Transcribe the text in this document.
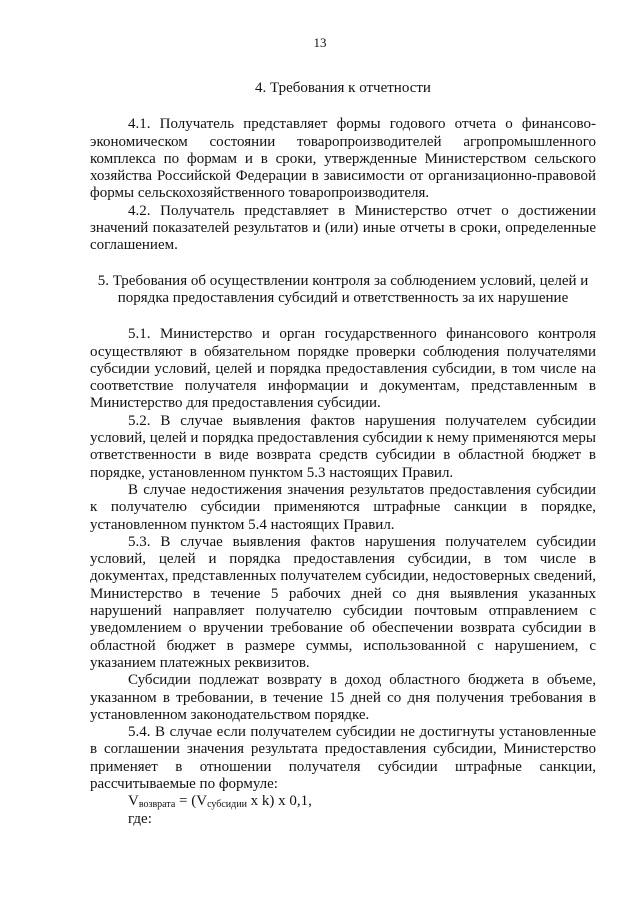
13
4. Требования к отчетности

4.1. Получатель представляет формы годового отчета о финансово-экономическом состоянии товаропроизводителей агропромышленного комплекса по формам и в сроки, утвержденные Министерством сельского хозяйства Российской Федерации в зависимости от организационно-правовой формы сельскохозяйственного товаропроизводителя.

4.2. Получатель представляет в Министерство отчет о достижении значений показателей результатов и (или) иные отчеты в сроки, определенные соглашением.

5. Требования об осуществлении контроля за соблюдением условий, целей и порядка предоставления субсидий и ответственность за их нарушение

5.1. Министерство и орган государственного финансового контроля осуществляют в обязательном порядке проверки соблюдения получателями субсидии условий, целей и порядка предоставления субсидии, в том числе на соответствие получателя информации и документам, представленным в Министерство для предоставления субсидии.

5.2. В случае выявления фактов нарушения получателем субсидии условий, целей и порядка предоставления субсидии к нему применяются меры ответственности в виде возврата средств субсидии в областной бюджет в порядке, установленном пунктом 5.3 настоящих Правил.

В случае недостижения значения результатов предоставления субсидии к получателю субсидии применяются штрафные санкции в порядке, установленном пунктом 5.4 настоящих Правил.

5.3. В случае выявления фактов нарушения получателем субсидии условий, целей и порядка предоставления субсидии, в том числе в документах, представленных получателем субсидии, недостоверных сведений, Министерство в течение 5 рабочих дней со дня выявления указанных нарушений направляет получателю субсидии почтовым отправлением с уведомлением о вручении требование об обеспечении возврата субсидии в областной бюджет в размере суммы, использованной с нарушением, с указанием платежных реквизитов.

Субсидии подлежат возврату в доход областного бюджета в объеме, указанном в требовании, в течение 15 дней со дня получения требования в установленном законодательством порядке.

5.4. В случае если получателем субсидии не достигнуты установленные в соглашении значения результата предоставления субсидии, Министерство применяет в отношении получателя субсидии штрафные санкции, рассчитываемые по формуле:

$V_{возврата} = (V_{субсидии}$ x k) x 0,1,

где:
